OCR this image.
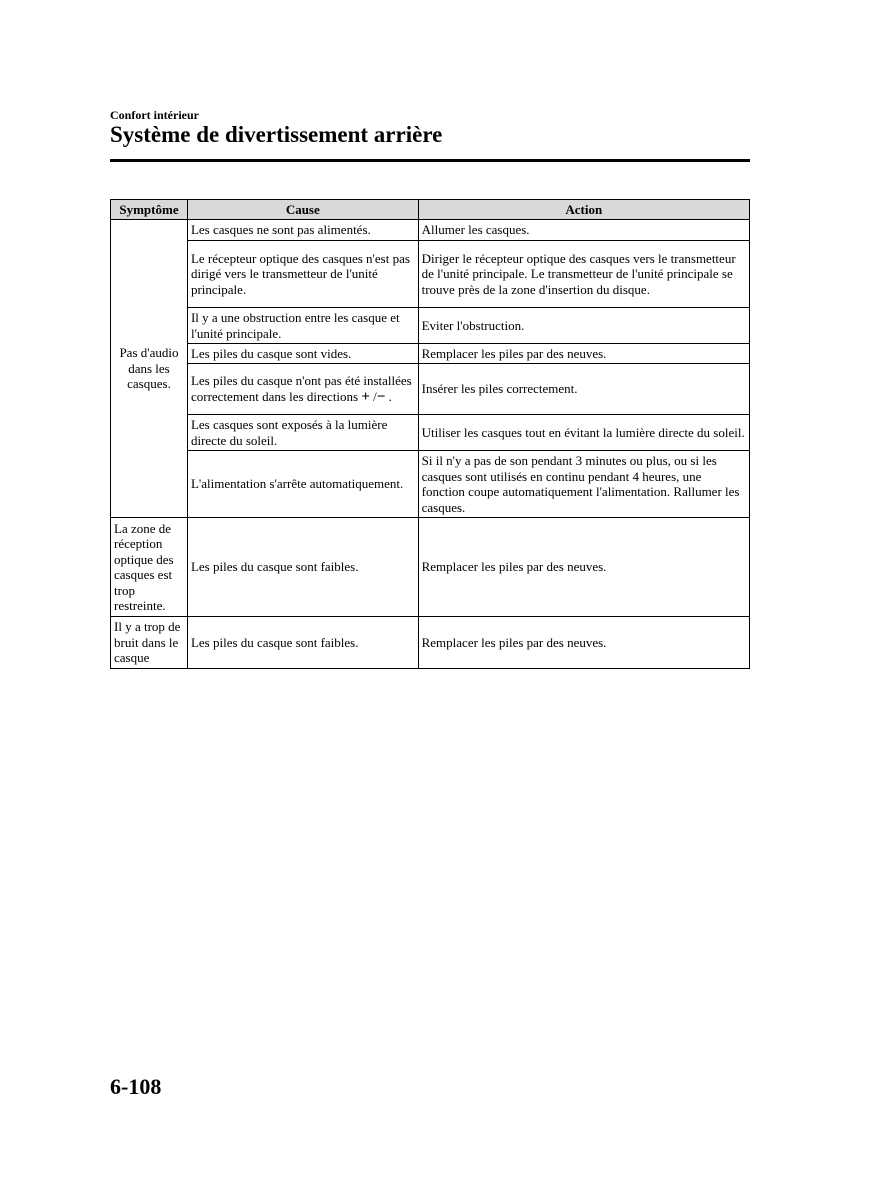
Confort intérieur
Système de divertissement arrière
Symptôme	Cause	Action
Pas d'audio dans les casques.	Les casques ne sont pas alimentés.	Allumer les casques.
	Le récepteur optique des casques n'est pas dirigé vers le transmetteur de l'unité principale.	Diriger le récepteur optique des casques vers le transmetteur de l'unité principale. Le transmetteur de l'unité principale se trouve près de la zone d'insertion du disque.
	Il y a une obstruction entre les casque et l'unité principale.	Eviter l'obstruction.
	Les piles du casque sont vides.	Remplacer les piles par des neuves.
	Les piles du casque n'ont pas été installées correctement dans les directions + /− .	Insérer les piles correctement.
	Les casques sont exposés à la lumière directe du soleil.	Utiliser les casques tout en évitant la lumière directe du soleil.
	L'alimentation s'arrête automatiquement.	Si il n'y a pas de son pendant 3 minutes ou plus, ou si les casques sont utilisés en continu pendant 4 heures, une fonction coupe automatiquement l'alimentation. Rallumer les casques.
La zone de réception optique des casques est trop restreinte.	Les piles du casque sont faibles.	Remplacer les piles par des neuves.
Il y a trop de bruit dans le casque	Les piles du casque sont faibles.	Remplacer les piles par des neuves.
6-108
